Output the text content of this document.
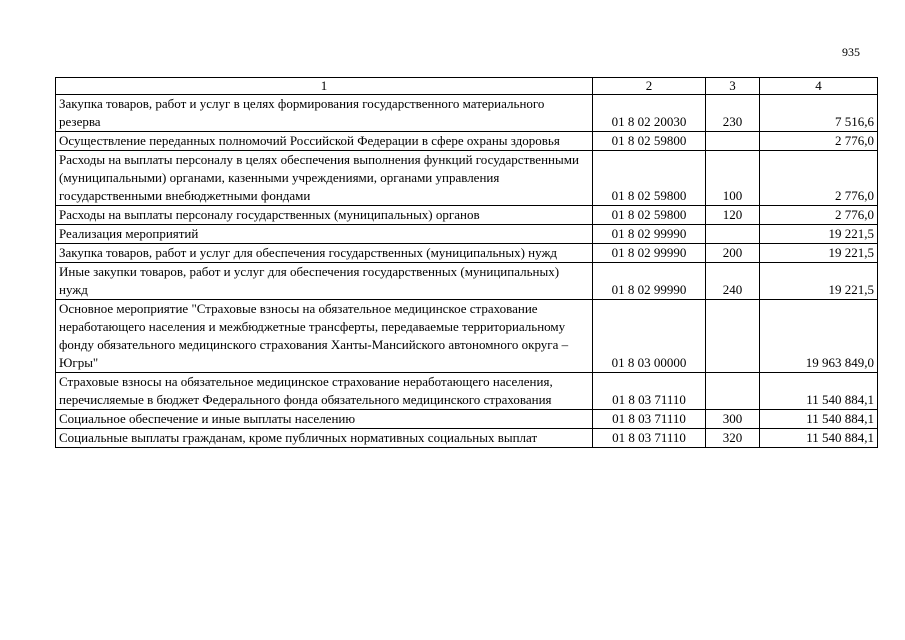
935
1	2	3	4
Закупка товаров, работ и услуг в целях формирования государственного материального резерва	01 8 02 20030	230	7 516,6
Осуществление переданных полномочий Российской Федерации в сфере охраны здоровья	01 8 02 59800		2 776,0
Расходы на выплаты персоналу в целях обеспечения выполнения функций государственными (муниципальными) органами, казенными учреждениями, органами управления государственными внебюджетными фондами	01 8 02 59800	100	2 776,0
Расходы на выплаты персоналу государственных (муниципальных) органов	01 8 02 59800	120	2 776,0
Реализация мероприятий	01 8 02 99990		19 221,5
Закупка товаров, работ и услуг для обеспечения государственных (муниципальных) нужд	01 8 02 99990	200	19 221,5
Иные закупки товаров, работ и услуг для обеспечения государственных (муниципальных) нужд	01 8 02 99990	240	19 221,5
Основное мероприятие "Страховые взносы на обязательное медицинское страхование неработающего населения и межбюджетные трансферты, передаваемые территориальному фонду обязательного медицинского страхования Ханты-Мансийского автономного округа – Югры"	01 8 03 00000		19 963 849,0
Страховые взносы на обязательное медицинское страхование неработающего населения, перечисляемые в бюджет Федерального фонда обязательного медицинского страхования	01 8 03 71110		11 540 884,1
Социальное обеспечение и иные выплаты населению	01 8 03 71110	300	11 540 884,1
Социальные выплаты гражданам, кроме публичных нормативных социальных выплат	01 8 03 71110	320	11 540 884,1
